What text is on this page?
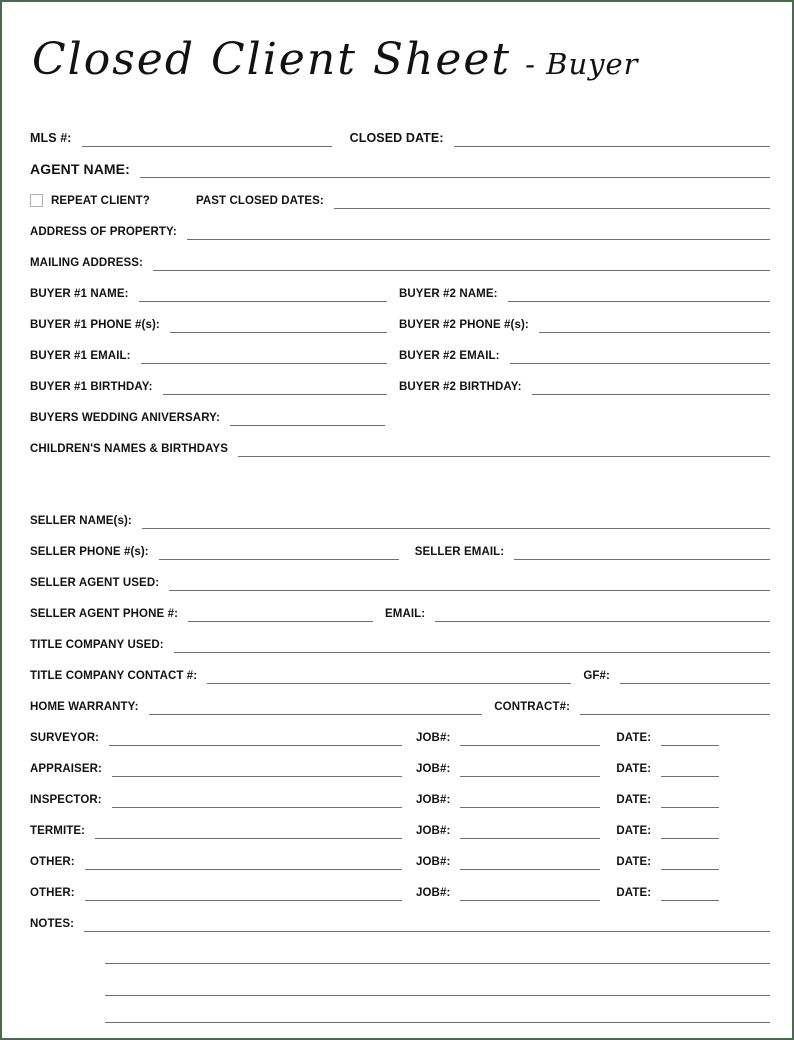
Closed Client Sheet - Buyer
MLS #:	CLOSED DATE:
AGENT NAME:
REPEAT CLIENT?	PAST CLOSED DATES:
ADDRESS OF PROPERTY:
MAILING ADDRESS:
BUYER #1 NAME:	BUYER #2 NAME:
BUYER #1 PHONE #(s):	BUYER #2 PHONE #(s):
BUYER #1 EMAIL:	BUYER #2 EMAIL:
BUYER #1 BIRTHDAY:	BUYER #2 BIRTHDAY:
BUYERS WEDDING ANIVERSARY:
CHILDREN'S NAMES & BIRTHDAYS
SELLER NAME(s):
SELLER PHONE #(s):	SELLER EMAIL:
SELLER AGENT USED:
SELLER AGENT PHONE #:	EMAIL:
TITLE COMPANY USED:
TITLE COMPANY CONTACT #:	GF#:
HOME WARRANTY:	CONTRACT#:
SURVEYOR:	JOB#:	DATE:
APPRAISER:	JOB#:	DATE:
INSPECTOR:	JOB#:	DATE:
TERMITE:	JOB#:	DATE:
OTHER:	JOB#:	DATE:
OTHER:	JOB#:	DATE:
NOTES:
